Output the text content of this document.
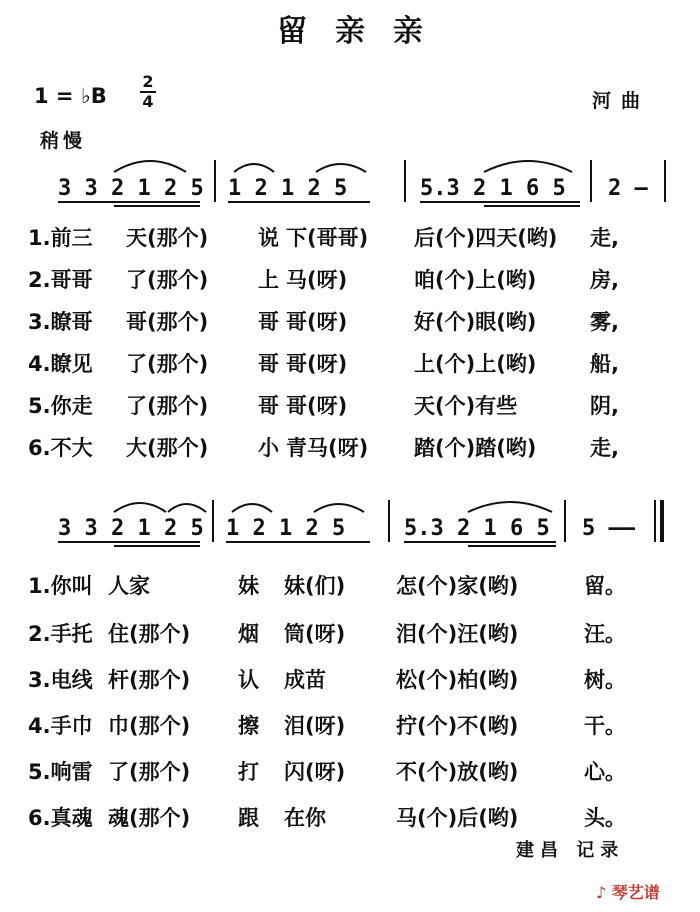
留亲亲
1 = ♭B
2
4	河曲
稍慢
3 3 2 1 2 5 1 2 1 2 5	5.3 2 1 6 5 2 —
1.前三 天(那个) 说 下(哥哥) 后(个)四天(哟) 走,
2.哥哥 了(那个) 上 马(呀)	咱(个)上(哟)	房,
3.瞭哥 哥(那个) 哥 哥(呀)	好(个)眼(哟)	雾,
4.瞭见 了(那个) 哥 哥(呀)	上(个)上(哟)	船,
5.你走 了(那个) 哥 哥(呀)	天(个)有些	阴,
6.不大 大(那个) 小 青马(呀) 踏(个)踏(哟)	走,
3 3 2 1 2 5 1 2 1 2 5	5.3 2 1 6 5 5 ——
1.你叫 人家	妹 妹(们) 怎(个)家(哟)	留。
2.手托 住(那个) 烟 筒(呀) 泪(个)汪(哟)	汪。
3.电线 杆(那个) 认 成苗	松(个)柏(哟)	树。
4.手巾 巾(那个) 擦 泪(呀) 拧(个)不(哟)	干。
5.响雷 了(那个) 打 闪(呀) 不(个)放(哟)	心。
6.真魂 魂(那个) 跟 在你	马(个)后(哟)	头。
建昌 记录
♪ 琴艺谱
